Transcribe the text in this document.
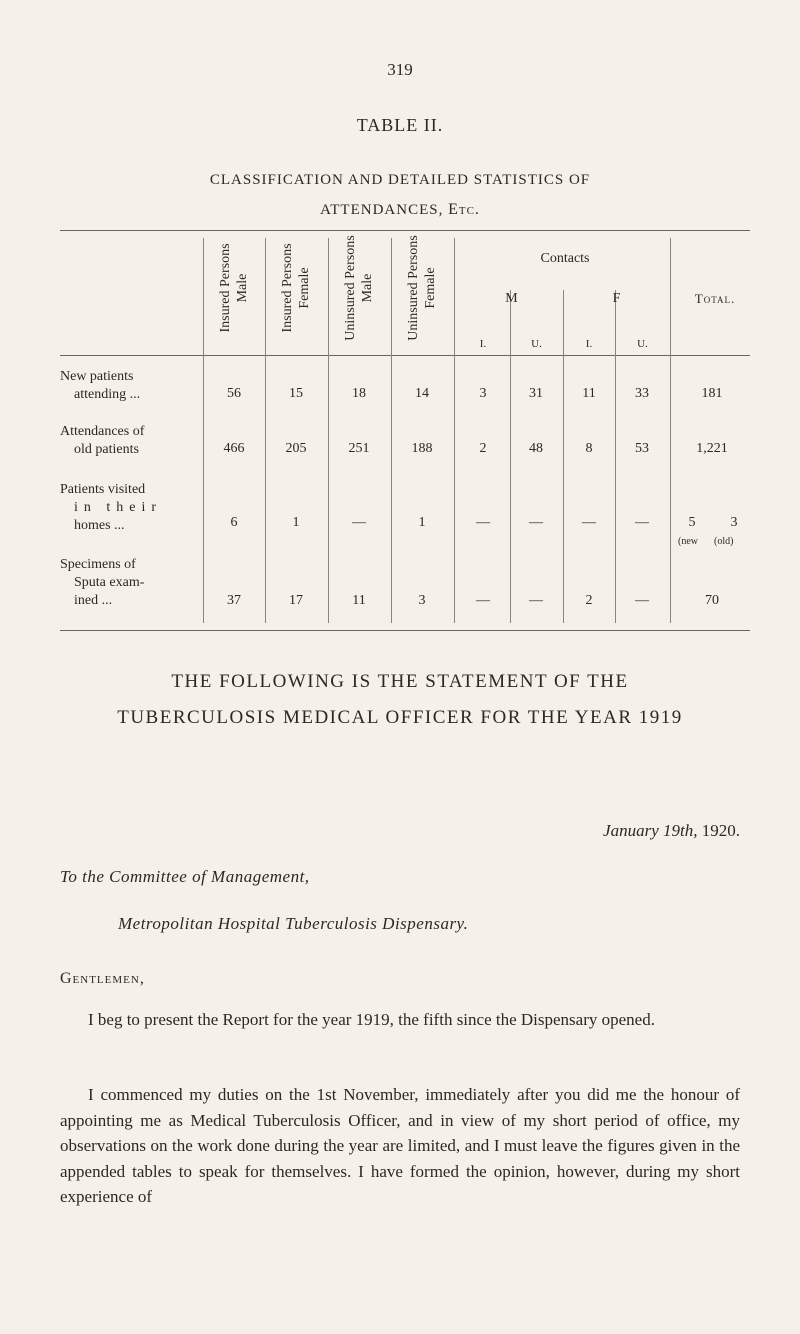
319
TABLE II.
CLASSIFICATION AND DETAILED STATISTICS OF
ATTENDANCES, Etc.
Insured Persons Male	Insured Persons Female	Uninsured Persons Male	Uninsured Persons Female
Contacts
M	F
I.	U.	I.	U.
Total.
New patients
attending ...	56	15	18	14	3	31	11	33	181
Attendances of
old patients	466	205	251	188	2	48	8	53	1,221
Patients visited
in their
homes ...	6	1	—	1	—	—	—	—	5	3
(new (old)
Specimens of
Sputa exam-
ined ...	37	17	11	3	—	—	2	—	70
THE FOLLOWING IS THE STATEMENT OF THE
TUBERCULOSIS MEDICAL OFFICER FOR THE YEAR 1919
January 19th, 1920.
To the Committee of Management,
Metropolitan Hospital Tuberculosis Dispensary.
Gentlemen,
I beg to present the Report for the year 1919, the fifth since the Dispensary opened.
I commenced my duties on the 1st November, immediately after you did me the honour of appointing me as Medical Tuberculosis Officer, and in view of my short period of office, my observations on the work done during the year are limited, and I must leave the figures given in the appended tables to speak for themselves. I have formed the opinion, however, during my short experience of
